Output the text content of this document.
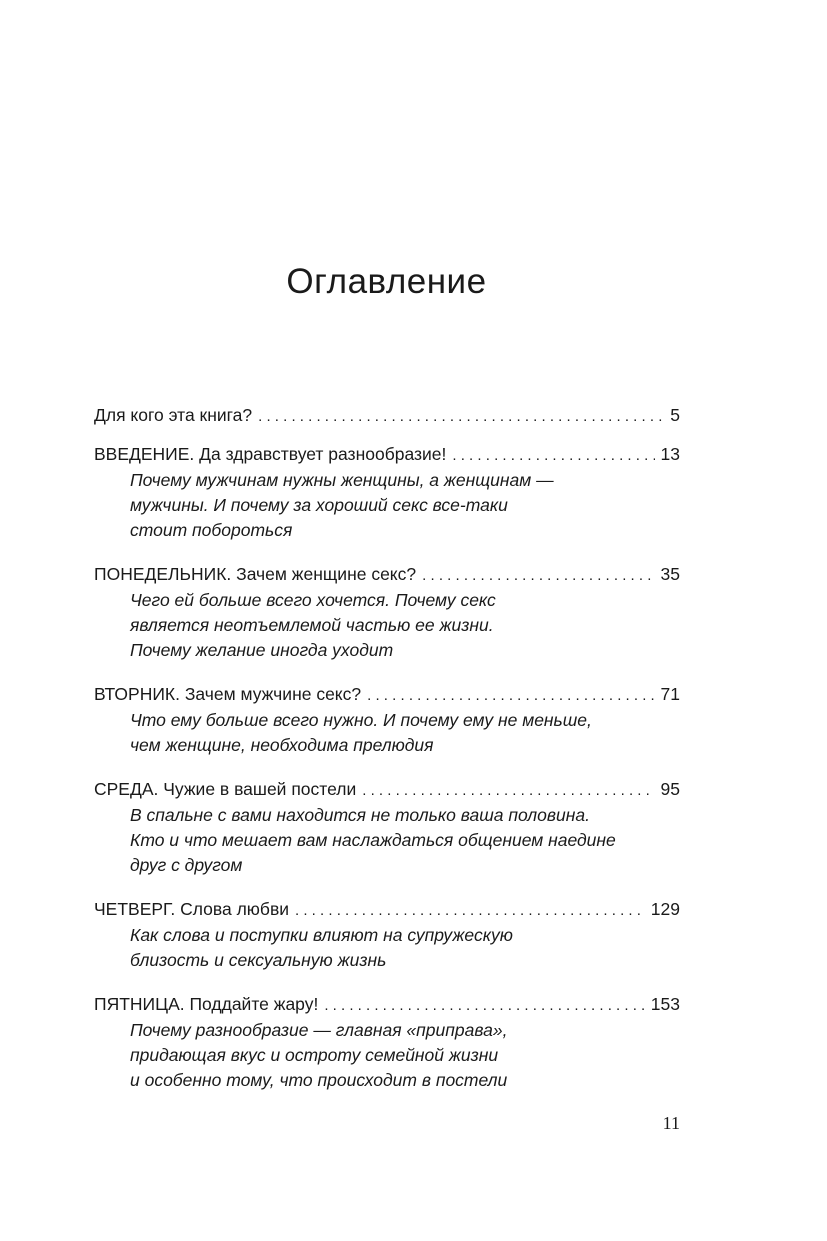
Оглавление
Для кого эта книга? . . .	5
ВВЕДЕНИЕ. Да здравствует разнообразие! . . .	13
Почему мужчинам нужны женщины, а женщинам —
мужчины. И почему за хороший секс все-таки
стоит побороться
ПОНЕДЕЛЬНИК. Зачем женщине секс? . . .	35
Чего ей больше всего хочется. Почему секс
является неотъемлемой частью ее жизни.
Почему желание иногда уходит
ВТОРНИК. Зачем мужчине секс? . . .	71
Что ему больше всего нужно. И почему ему не меньше,
чем женщине, необходима прелюдия
СРЕДА. Чужие в вашей постели . . .	95
В спальне с вами находится не только ваша половина.
Кто и что мешает вам наслаждаться общением наедине
друг с другом
ЧЕТВЕРГ. Слова любви . . .	129
Как слова и поступки влияют на супружескую
близость и сексуальную жизнь
ПЯТНИЦА. Поддайте жару! . . .	153
Почему разнообразие — главная «приправа»,
придающая вкус и остроту семейной жизни
и особенно тому, что происходит в постели
11
